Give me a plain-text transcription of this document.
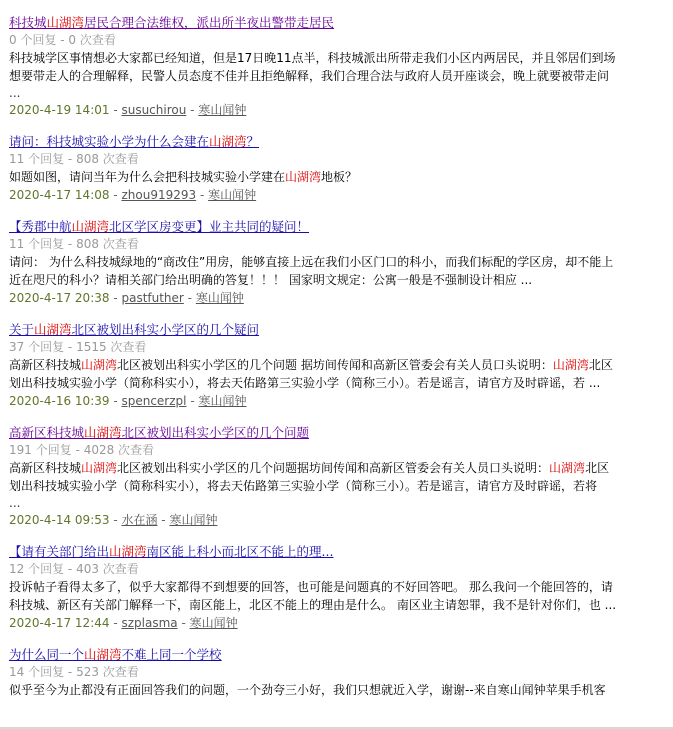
科技城山湖湾居民合理合法维权，派出所半夜出警带走居民
0 个回复 - 0 次查看
科技城学区事情想必大家都已经知道，但是17日晚11点半，科技城派出所带走我们小区内两居民，并且邻居们到场想要带走人的合理解释，民警人员态度不佳并且拒绝解释，我们合理合法与政府人员开座谈会，晚上就要被带走问
...
2020-4-19 14:01 - susuchirou - 寒山闻钟
请问：科技城实验小学为什么会建在山湖湾？
11 个回复 - 808 次查看
如题如图，请问当年为什么会把科技城实验小学建在山湖湾地板？
2020-4-17 14:08 - zhou919293 - 寒山闻钟
【秀郡中航山湖湾北区学区房变更】业主共同的疑问！
11 个回复 - 808 次查看
请问： 为什么科技城绿地的“商改住”用房，能够直接上远在我们小区门口的科小，而我们标配的学区房，却不能上近在咫尺的科小？请相关部门给出明确的答复！！！ 国家明文规定：公寓一般是不强制设计相应 ...
2020-4-17 20:38 - pastfuther - 寒山闻钟
关于山湖湾北区被划出科实小学区的几个疑问
37 个回复 - 1515 次查看
高新区科技城山湖湾北区被划出科实小学区的几个问题 据坊间传闻和高新区管委会有关人员口头说明：山湖湾北区划出科技城实验小学（简称科实小），将去天佑路第三实验小学（简称三小）。若是谣言，请官方及时辟谣，若 ...
2020-4-16 10:39 - spencerzpl - 寒山闻钟
高新区科技城山湖湾北区被划出科实小学区的几个问题
191 个回复 - 4028 次查看
高新区科技城山湖湾北区被划出科实小学区的几个问题据坊间传闻和高新区管委会有关人员口头说明：山湖湾北区划出科技城实验小学（简称科实小），将去天佑路第三实验小学（简称三小）。若是谣言，请官方及时辟谣，若将
...
2020-4-14 09:53 - 水在涵 - 寒山闻钟
【请有关部门给出山湖湾南区能上科小而北区不能上的理...
12 个回复 - 403 次查看
投诉帖子看得太多了，似乎大家都得不到想要的回答，也可能是问题真的不好回答吧。 那么我问一个能回答的，请科技城、新区有关部门解释一下，南区能上，北区不能上的理由是什么。 南区业主请恕罪，我不是针对你们，也 ...
2020-4-17 12:44 - szplasma - 寒山闻钟
为什么同一个山湖湾不难上同一个学校
14 个回复 - 523 次查看
似乎至今为止都没有正面回答我们的问题，一个劲夸三小好，我们只想就近入学，谢谢--来自寒山闻钟苹果手机客
